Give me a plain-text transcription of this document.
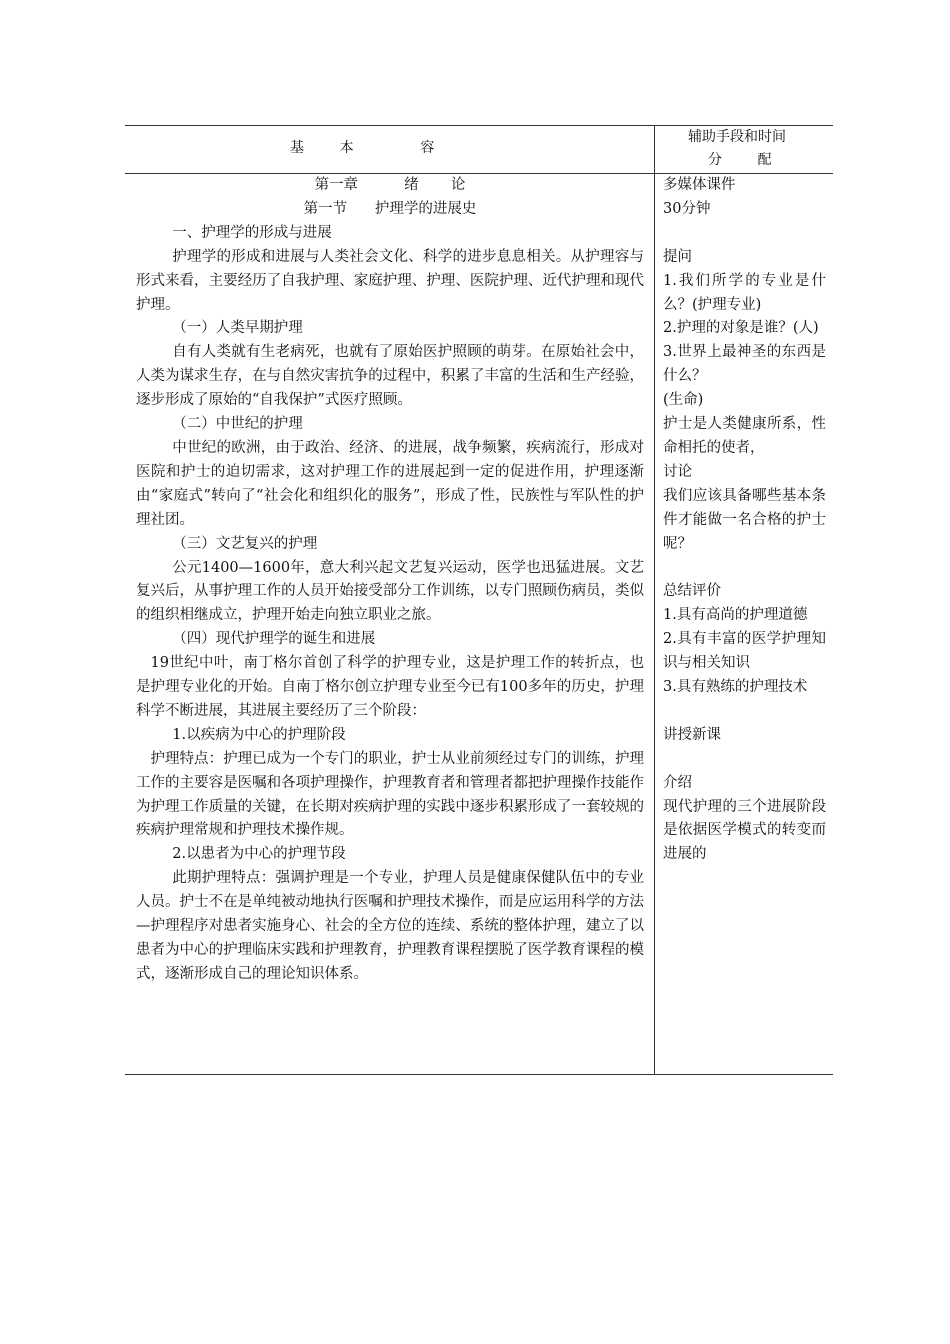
基        本               容
辅助手段和时间
分        配

第一章          绪       论

第一节      护理学的进展史

一、护理学的形成与进展

护理学的形成和进展与人类社会文化、科学的进步息息相关。从护理容与形式来看，主要经历了自我护理、家庭护理、护理、医院护理、近代护理和现代护理。

（一）人类早期护理

自有人类就有生老病死，也就有了原始医护照顾的萌芽。在原始社会中，人类为谋求生存，在与自然灾害抗争的过程中，积累了丰富的生活和生产经验，逐步形成了原始的“自我保护”式医疗照顾。

（二）中世纪的护理

中世纪的欧洲，由于政治、经济、的进展，战争频繁，疾病流行，形成对医院和护士的迫切需求，这对护理工作的进展起到一定的促进作用，护理逐渐由“家庭式”转向了“社会化和组织化的服务”，形成了性，民族性与军队性的护理社团。

（三）文艺复兴的护理

公元1400—1600年，意大利兴起文艺复兴运动，医学也迅猛进展。文艺复兴后，从事护理工作的人员开始接受部分工作训练，以专门照顾伤病员，类似的组织相继成立，护理开始走向独立职业之旅。

（四）现代护理学的诞生和进展

19世纪中叶，南丁格尔首创了科学的护理专业，这是护理工作的转折点，也是护理专业化的开始。自南丁格尔创立护理专业至今已有100多年的历史，护理科学不断进展，其进展主要经历了三个阶段：

1.以疾病为中心的护理阶段

护理特点：护理已成为一个专门的职业，护士从业前须经过专门的训练，护理工作的主要容是医嘱和各项护理操作，护理教育者和管理者都把护理操作技能作为护理工作质量的关键，在长期对疾病护理的实践中逐步积累形成了一套较规的疾病护理常规和护理技术操作规。

2.以患者为中心的护理节段

此期护理特点：强调护理是一个专业，护理人员是健康保健队伍中的专业人员。护士不在是单纯被动地执行医嘱和护理技术操作，而是应运用科学的方法—护理程序对患者实施身心、社会的全方位的连续、系统的整体护理，建立了以患者为中心的护理临床实践和护理教育，护理教育课程摆脱了医学教育课程的模式，逐渐形成自己的理论知识体系。

多媒体课件

30分钟

提问

1.我们所学的专业是什么？(护理专业)

2.护理的对象是谁？(人)

3.世界上最神圣的东西是什么？

(生命)

护士是人类健康所系，性命相托的使者，

讨论

我们应该具备哪些基本条件才能做一名合格的护士呢？

总结评价

1.具有高尚的护理道德

2.具有丰富的医学护理知识与相关知识

3.具有熟练的护理技术

讲授新课

介绍

现代护理的三个进展阶段是依据医学模式的转变而进展的
